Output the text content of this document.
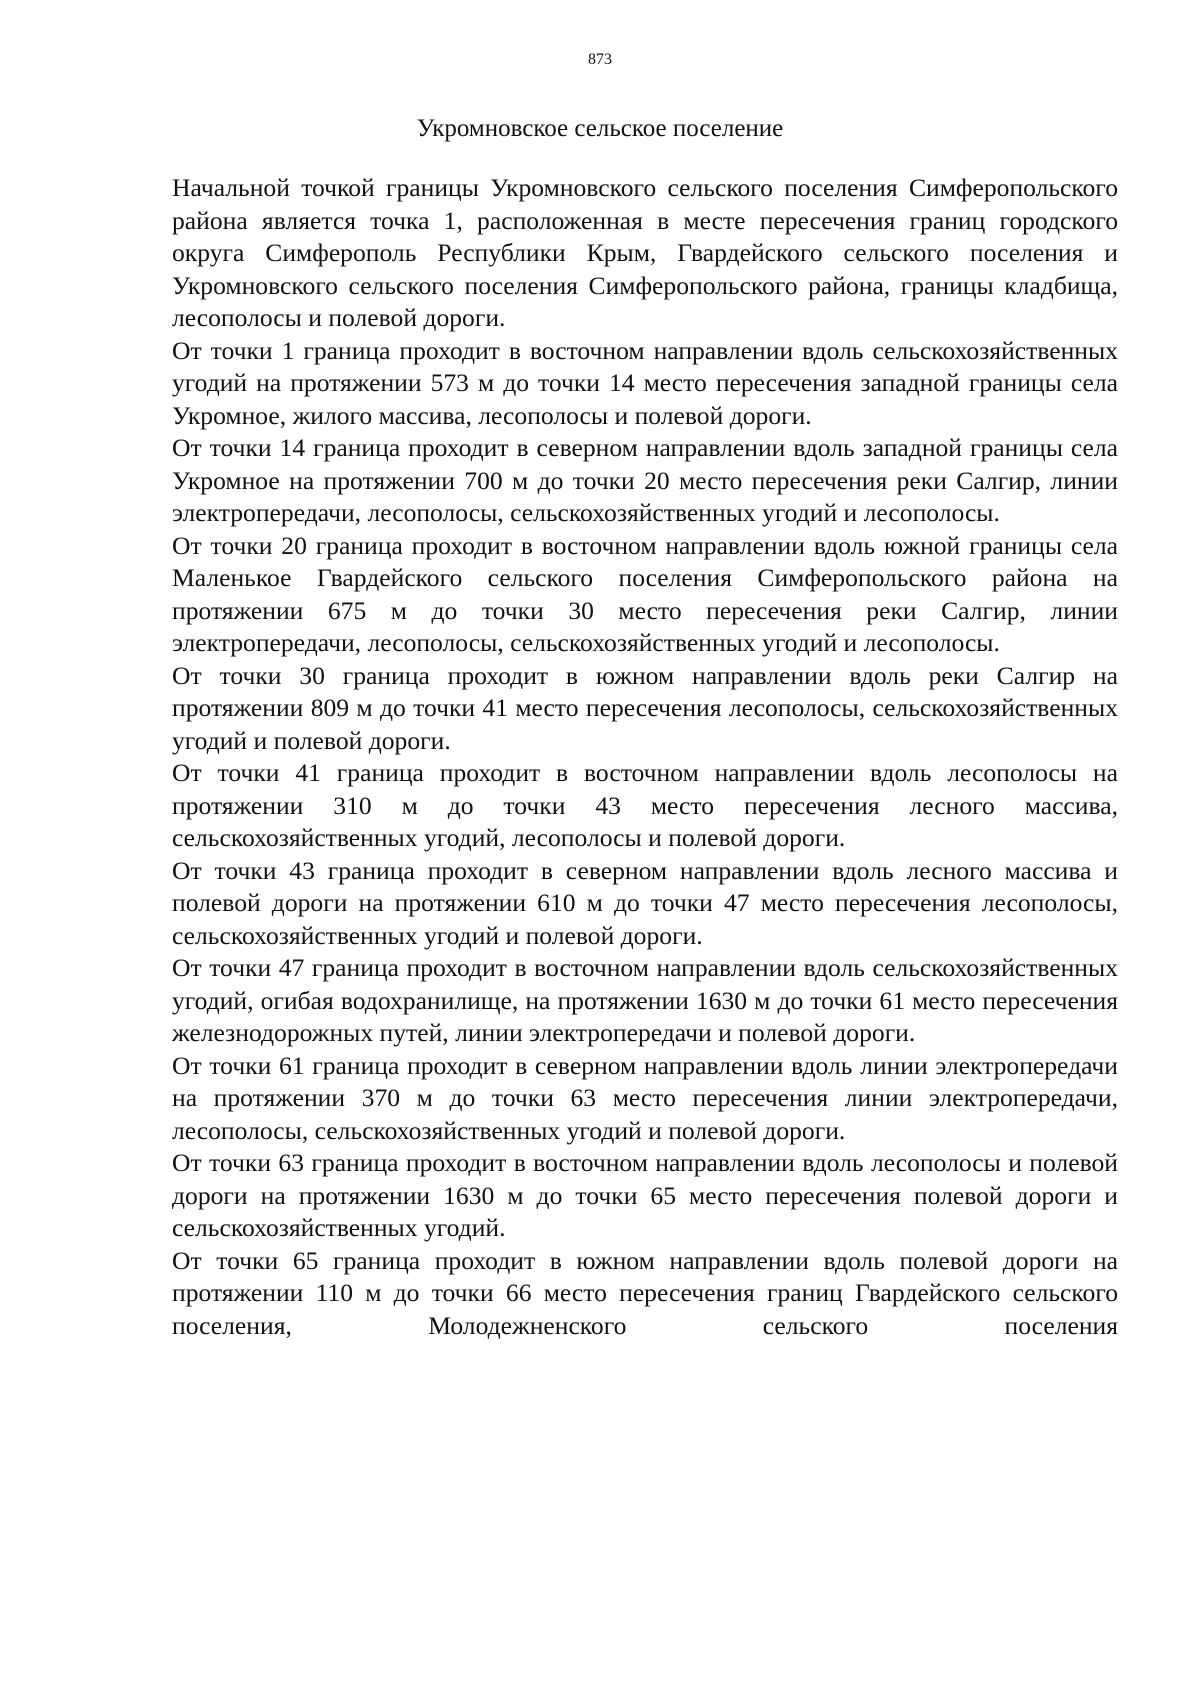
873
Укромновское сельское поселение

Начальной точкой границы Укромновского сельского поселения Симферопольского района является точка 1, расположенная в месте пересечения границ городского округа Симферополь Республики Крым, Гвардейского сельского поселения и Укромновского сельского поселения Симферопольского района, границы кладбища, лесополосы и полевой дороги.

От точки 1 граница проходит в восточном направлении вдоль сельскохозяйственных угодий на протяжении 573 м до точки 14 место пересечения западной границы села Укромное, жилого массива, лесополосы и полевой дороги.

От точки 14 граница проходит в северном направлении вдоль западной границы села Укромное на протяжении 700 м до точки 20 место пересечения реки Салгир, линии электропередачи, лесополосы, сельскохозяйственных угодий и лесополосы.

От точки 20 граница проходит в восточном направлении вдоль южной границы села Маленькое Гвардейского сельского поселения Симферопольского района на протяжении 675 м до точки 30 место пересечения реки Салгир, линии электропередачи, лесополосы, сельскохозяйственных угодий и лесополосы.

От точки 30 граница проходит в южном направлении вдоль реки Салгир на протяжении 809 м до точки 41 место пересечения лесополосы, сельскохозяйственных угодий и полевой дороги.

От точки 41 граница проходит в восточном направлении вдоль лесополосы на протяжении 310 м до точки 43 место пересечения лесного массива, сельскохозяйственных угодий, лесополосы и полевой дороги.

От точки 43 граница проходит в северном направлении вдоль лесного массива и полевой дороги на протяжении 610 м до точки 47 место пересечения лесополосы, сельскохозяйственных угодий и полевой дороги.

От точки 47 граница проходит в восточном направлении вдоль сельскохозяйственных угодий, огибая водохранилище, на протяжении 1630 м до точки 61 место пересечения железнодорожных путей, линии электропередачи и полевой дороги.

От точки 61 граница проходит в северном направлении вдоль линии электропередачи на протяжении 370 м до точки 63 место пересечения линии электропередачи, лесополосы, сельскохозяйственных угодий и полевой дороги.

От точки 63 граница проходит в восточном направлении вдоль лесополосы и полевой дороги на протяжении 1630 м до точки 65 место пересечения полевой дороги и сельскохозяйственных угодий.

От точки 65 граница проходит в южном направлении вдоль полевой дороги на протяжении 110 м до точки 66 место пересечения границ Гвардейского сельского поселения, Молодежненского сельского поселения
